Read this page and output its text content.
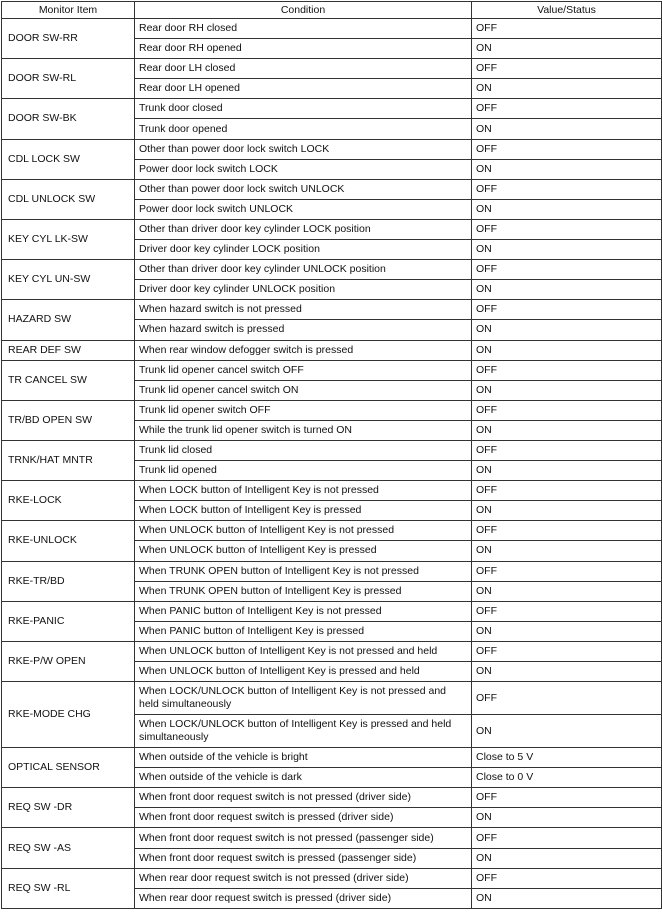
Monitor Item	Condition	Value/Status
DOOR SW-RR	Rear door RH closed	OFF
	Rear door RH opened	ON
DOOR SW-RL	Rear door LH closed	OFF
	Rear door LH opened	ON
DOOR SW-BK	Trunk door closed	OFF
	Trunk door opened	ON
CDL LOCK SW	Other than power door lock switch LOCK	OFF
	Power door lock switch LOCK	ON
CDL UNLOCK SW	Other than power door lock switch UNLOCK	OFF
	Power door lock switch UNLOCK	ON
KEY CYL LK-SW	Other than driver door key cylinder LOCK position	OFF
	Driver door key cylinder LOCK position	ON
KEY CYL UN-SW	Other than driver door key cylinder UNLOCK position	OFF
	Driver door key cylinder UNLOCK position	ON
HAZARD SW	When hazard switch is not pressed	OFF
	When hazard switch is pressed	ON
REAR DEF SW	When rear window defogger switch is pressed	ON
TR CANCEL SW	Trunk lid opener cancel switch OFF	OFF
	Trunk lid opener cancel switch ON	ON
TR/BD OPEN SW	Trunk lid opener switch OFF	OFF
	While the trunk lid opener switch is turned ON	ON
TRNK/HAT MNTR	Trunk lid closed	OFF
	Trunk lid opened	ON
RKE-LOCK	When LOCK button of Intelligent Key is not pressed	OFF
	When LOCK button of Intelligent Key is pressed	ON
RKE-UNLOCK	When UNLOCK button of Intelligent Key is not pressed	OFF
	When UNLOCK button of Intelligent Key is pressed	ON
RKE-TR/BD	When TRUNK OPEN button of Intelligent Key is not pressed	OFF
	When TRUNK OPEN button of Intelligent Key is pressed	ON
RKE-PANIC	When PANIC button of Intelligent Key is not pressed	OFF
	When PANIC button of Intelligent Key is pressed	ON
RKE-P/W OPEN	When UNLOCK button of Intelligent Key is not pressed and held	OFF
	When UNLOCK button of Intelligent Key is pressed and held	ON
RKE-MODE CHG	When LOCK/UNLOCK button of Intelligent Key is not pressed and held simultaneously	OFF
	When LOCK/UNLOCK button of Intelligent Key is pressed and held simultaneously	ON
OPTICAL SENSOR	When outside of the vehicle is bright	Close to 5 V
	When outside of the vehicle is dark	Close to 0 V
REQ SW -DR	When front door request switch is not pressed (driver side)	OFF
	When front door request switch is pressed (driver side)	ON
REQ SW -AS	When front door request switch is not pressed (passenger side)	OFF
	When front door request switch is pressed (passenger side)	ON
REQ SW -RL	When rear door request switch is not pressed (driver side)	OFF
	When rear door request switch is pressed (driver side)	ON
